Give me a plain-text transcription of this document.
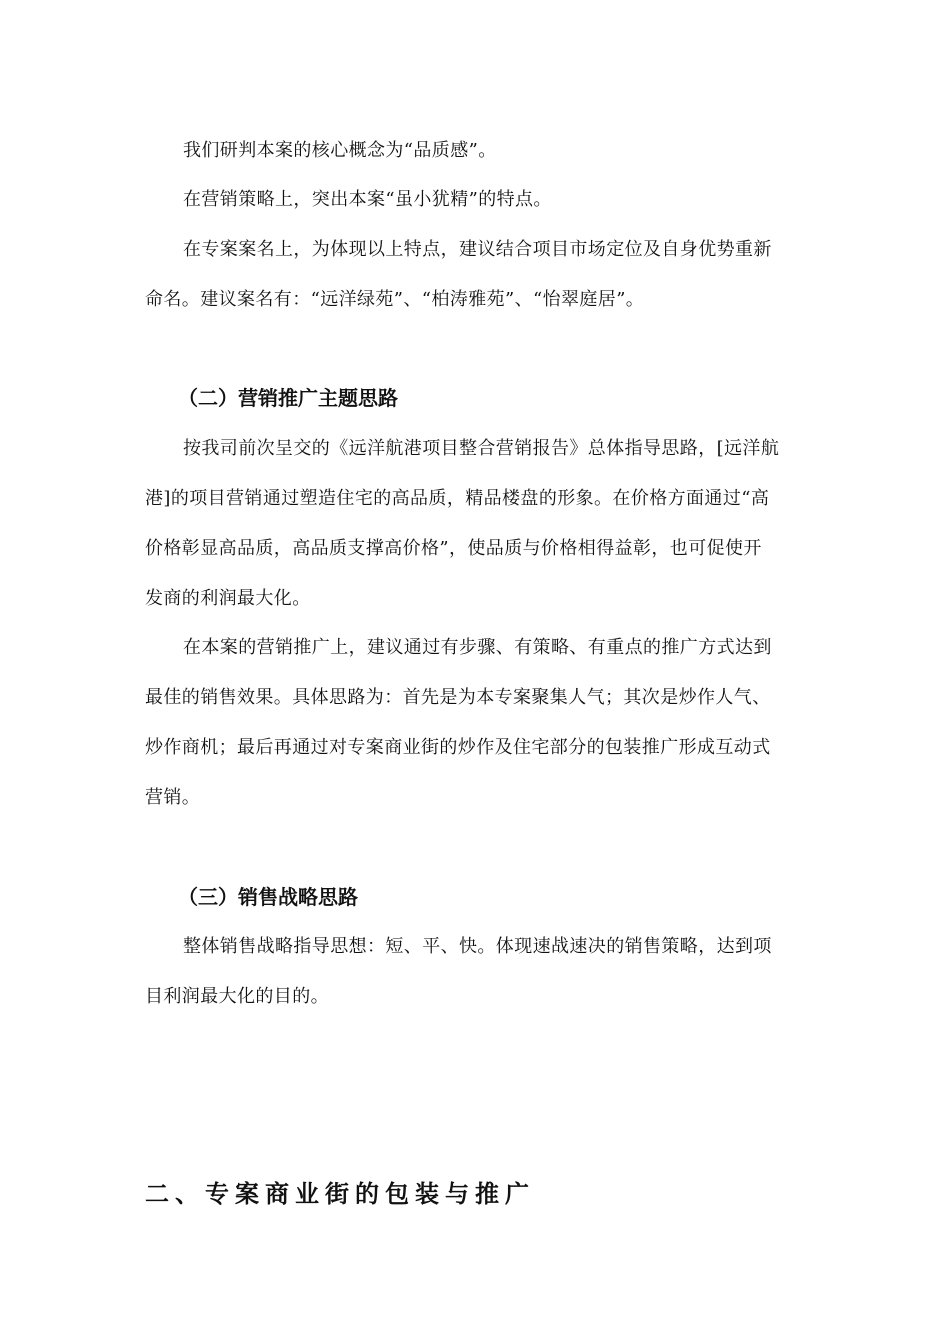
我们研判本案的核心概念为“品质感”。
在营销策略上，突出本案“虽小犹精”的特点。
在专案案名上，为体现以上特点，建议结合项目市场定位及自身优势重新
命名。建议案名有：“远洋绿苑”、“柏涛雅苑”、“怡翠庭居”。
（二）营销推广主题思路
按我司前次呈交的《远洋航港项目整合营销报告》总体指导思路，[远洋航
港]的项目营销通过塑造住宅的高品质，精品楼盘的形象。在价格方面通过“高
价格彰显高品质，高品质支撑高价格”，使品质与价格相得益彰，也可促使开
发商的利润最大化。
在本案的营销推广上，建议通过有步骤、有策略、有重点的推广方式达到
最佳的销售效果。具体思路为：首先是为本专案聚集人气；其次是炒作人气、
炒作商机；最后再通过对专案商业街的炒作及住宅部分的包装推广形成互动式
营销。
（三）销售战略思路
整体销售战略指导思想：短、平、快。体现速战速决的销售策略，达到项
目利润最大化的目的。
二、专案商业街的包装与推广
